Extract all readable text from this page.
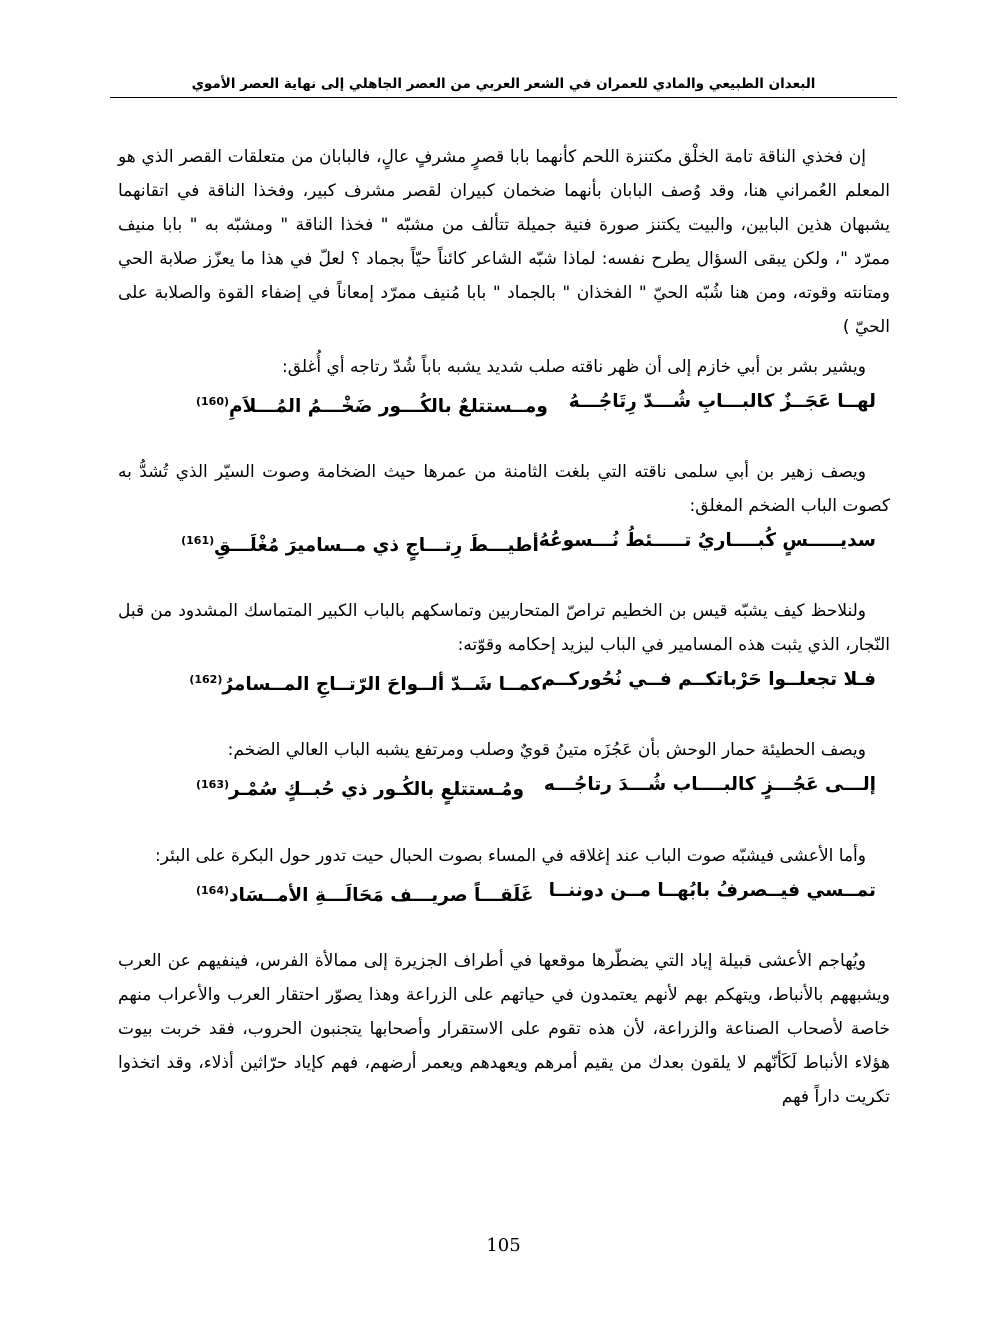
البعدان الطبيعي والمادي للعمران في الشعر العربي من العصر الجاهلي إلى نهاية العصر الأموي

إن فخذي الناقة تامة الخلْق مكتنزة اللحم كأنهما بابا قصرٍ مشرفٍ عالٍ، فالبابان من متعلقات القصر الذي هو المعلم العُمراني هنا، وقد وُصف البابان بأنهما ضخمان كبيران لقصر مشرف كبير، وفخذا الناقة في اتقانهما يشبهان هذين البابين، والبيت يكتنز صورة فنية جميلة تتألف من مشبّه " فخذا الناقة " ومشبّه به " بابا منيف ممرّد "، ولكن يبقى السؤال يطرح نفسه: لماذا شبّه الشاعر كائناً حيّاً بجماد ؟ لعلّ في هذا ما يعزّز صلابة الحي ومتانته وقوته، ومن هنا شُبّه الحيّ " الفخذان " بالجماد " بابا مُنيف ممرّد إمعاناً في إضفاء القوة والصلابة على الحيّ )

ويشير بشر بن أبي خازم إلى أن ظهر ناقته صلب شديد يشبه باباً شُدّ رتاجه أي أُغلق:

لهــا عَجَــزٌ كالبـــابِ شُـــدّ رِتَاجُـــهُ
ومــستتلعٌ بالكُـــور ضَخْـــمُ المُـــلاَمِ$^{(160)}$

ويصف زهير بن أبي سلمى ناقته التي بلغت الثامنة من عمرها حيث الضخامة وصوت السيّر الذي تُشدُّ به كصوت الباب الضخم المغلق:

سديـــــسٍ كُبــــاريُ تـــــئطُ نُـــسوعُهُ
أطيـــطَ رِتـــاجٍ ذي مــساميرَ مُغْلَـــقِ$^{(161)}$

ولنلاحظ كيف يشبّه قيس بن الخطيم تراصّ المتحاربين وتماسكهم بالباب الكبير المتماسك المشدود من قبل النّجار، الذي يثبت هذه المسامير في الباب ليزيد إحكامه وقوّته:

فـلا تجعلــوا حَرْباتكــم فــي نُحُوركــم
كمــا شَــدّ ألــواحَ الرّتــاجِ المــسامرُ$^{(162)}$

ويصف الحطيئة حمار الوحش بأن عَجُزَه متينُ قويٌ وصلب ومرتفع يشبه الباب العالي الضخم:

إلـــى عَجُـــزٍ كالبــــاب شُـــدَ رتاجُـــه
ومُـستتلعٍ بالكُـور ذي حُبــكٍ سُمْـر$^{(163)}$

وأما الأعشى فيشبّه صوت الباب عند إغلاقه في المساء بصوت الحبال حيت تدور حول البكرة على البئر:

تمــسي فيــصرفُ بابُهــا مــن دوننــا
غَلَقـــاً صريـــف مَحَالَـــةِ الأمــسَاد$^{(164)}$

ويُهاجم الأعشى قبيلة إياد التي يضطّرها موقعها في أطراف الجزيرة إلى ممالأة الفرس، فينفيهم عن العرب ويشبههم بالأنباط، ويتهكم بهم لأنهم يعتمدون في حياتهم على الزراعة وهذا يصوّر احتقار العرب والأعراب منهم خاصة لأصحاب الصناعة والزراعة، لأن هذه تقوم على الاستقرار وأصحابها يتجنبون الحروب، فقد خربت بيوت هؤلاء الأنباط لَكَأنّهم لا يلقون بعدك من يقيم أمرهم ويعهدهم ويعمر أرضهم، فهم كإياد حرّاثين أذلاء، وقد اتخذوا تكريت داراً فهم

105
